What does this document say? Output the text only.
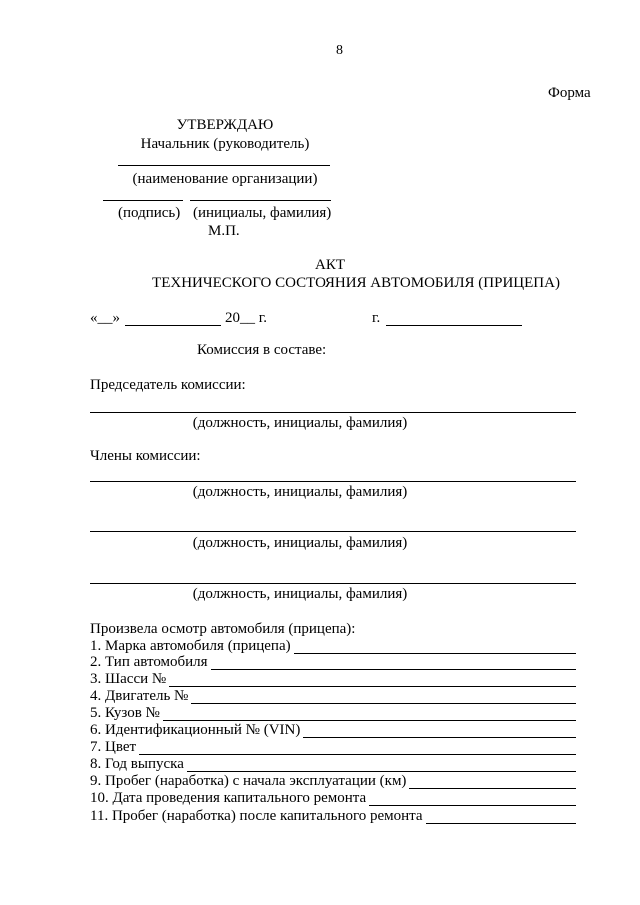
8
Форма
УТВЕРЖДАЮ
Начальник (руководитель)
(наименование организации)
(подпись) (инициалы, фамилия)
М.П.
АКТ
ТЕХНИЧЕСКОГО СОСТОЯНИЯ АВТОМОБИЛЯ (ПРИЦЕПА)
«__»	20__ г.	г.
Комиссия в составе:
Председатель комиссии:
(должность, инициалы, фамилия)
Члены комиссии:
(должность, инициалы, фамилия)
(должность, инициалы, фамилия)
(должность, инициалы, фамилия)
Произвела осмотр автомобиля (прицепа):
1. Марка автомобиля (прицепа)
2. Тип автомобиля
3. Шасси №
4. Двигатель №
5. Кузов №
6. Идентификационный № (VIN)
7. Цвет
8. Год выпуска
9. Пробег (наработка) с начала эксплуатации (км)
10. Дата проведения капитального ремонта
11. Пробег (наработка) после капитального ремонта
